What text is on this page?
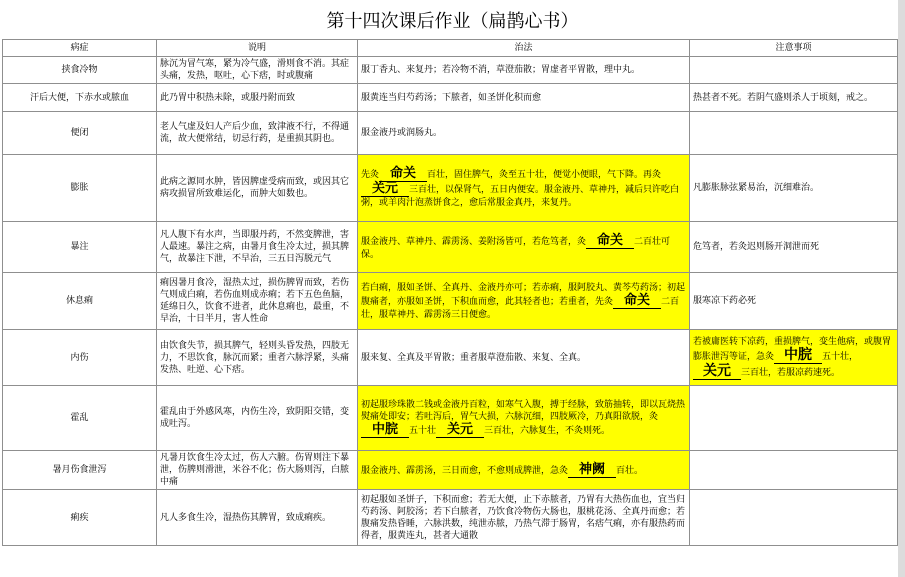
第十四次课后作业（扁鹊心书）
病症	说明	治法	注意事项
挟食冷物	脉沉为冒气寒，紧为冷气盛，滑则食不消。其症头痛，发热，呕吐，心下痞，时或腹痛	服丁香丸、来复丹；若冷物不消，草澄茄散；胃虚者平胃散，理中丸。	
汗后大便，下赤水或脓血	此乃胃中积热未除，或服丹附而致	服黄连当归芍药汤；下脓者，如圣饼化积而愈	热甚者不死。若阴气盛则杀人于顷刻，戒之。
便闭	老人气虚及妇人产后少血，致津液不行，不得通流，故大便常结，切忌行药，是重损其阴也。	服金液丹或润肠丸。	
膨胀	此病之源同水肿，皆因脾虚受病而致，或因其它病攻损冒所致难运化，而肿大如数也。	先灸 命关 百壮，固住脾气，灸至五十壮，便觉小便眼，气下降。再灸关元 三百壮，以保肾气，五日内便安。服金液丹、草神丹，减后只许吃白粥，或羊肉汁泡蒸饼食之，愈后常服金真丹，来复丹。	凡膨胀脉弦紧易治，沉细难治。
暴注	凡人腹下有水声，当即服丹药，不然变脾泄，害人最速。暴注之病，由暑月食生冷太过，损其脾气，故暴注下泄，不早治，三五日泻脱元气	服金液丹、草神丹、霹雳汤、姜附汤皆可，若危笃者，灸 命关 二百壮可保。	危笃者，若灸迟则肠开洞泄而死
休息痢	痢因暑月食冷，湿热太过，损伤脾胃而致，若伤气则成白痢，若伤血则成赤痢；若下五色鱼脑，延绵日久，饮食不进者，此休息痢也，最重，不早治，十日半月，害人性命	若白痢，服如圣饼、全真丹、金液丹亦可；若赤痢，服阿胶丸、黄芩芍药汤；初起腹痛者，亦服如圣饼，下积血而愈，此其轻者也；若重者，先灸 命关 二百壮，服草神丹、霹雳汤三日便愈。	服寒凉下药必死
内伤	由饮食失节，损其脾气，轻则头昏发热，四肢无力，不思饮食，脉沉而紧；重者六脉浮紧，头痛发热、吐逆、心下痞。	服来复、全真及平胃散；重者服草澄茄散、来复、全真。	若被庸医转下凉药，重损脾气，变生他病，或腹胃膨胀泄泻等证，急灸 中脘 五十壮，关元 三百壮，若服凉药速死。
霍乱	霍乱由于外感风寒，内伤生冷，致阴阳交错，变成吐泻。	初起服珍珠散二钱或金液丹百粒，如寒气入腹，搏于经脉，致筋抽转，即以瓦烧热熨痛处即安；若吐泻后，胃气大损，六脉沉细，四肢厥冷，乃真阳欲脱，灸中脘 五十壮 关元 三百壮，六脉复生，不灸则死。	
暑月伤食泄泻	凡暑月饮食生冷太过，伤人六腑。伤胃则注下暴泄，伤脾则滑泄，米谷不化；伤大肠则泻，白脓中痛	服金液丹、霹雳汤，三日而愈，不愈则成脾泄，急灸 神阙 百壮。	
痢疾	凡人多食生冷，湿热伤其脾胃，致成痢疾。	初起服如圣饼子，下积而愈；若无大便，止下赤脓者，乃胃有大热伤血也，宜当归芍药汤、阿胶汤；若下白脓者，乃饮食冷物伤大肠也，服桃花汤、全真丹而愈；若腹痛发热昏睡，六脉洪数，纯泄赤脓，乃热气滞于肠胃，名痞气痢，亦有服热药而得者，服黄连丸，甚者大通散	
